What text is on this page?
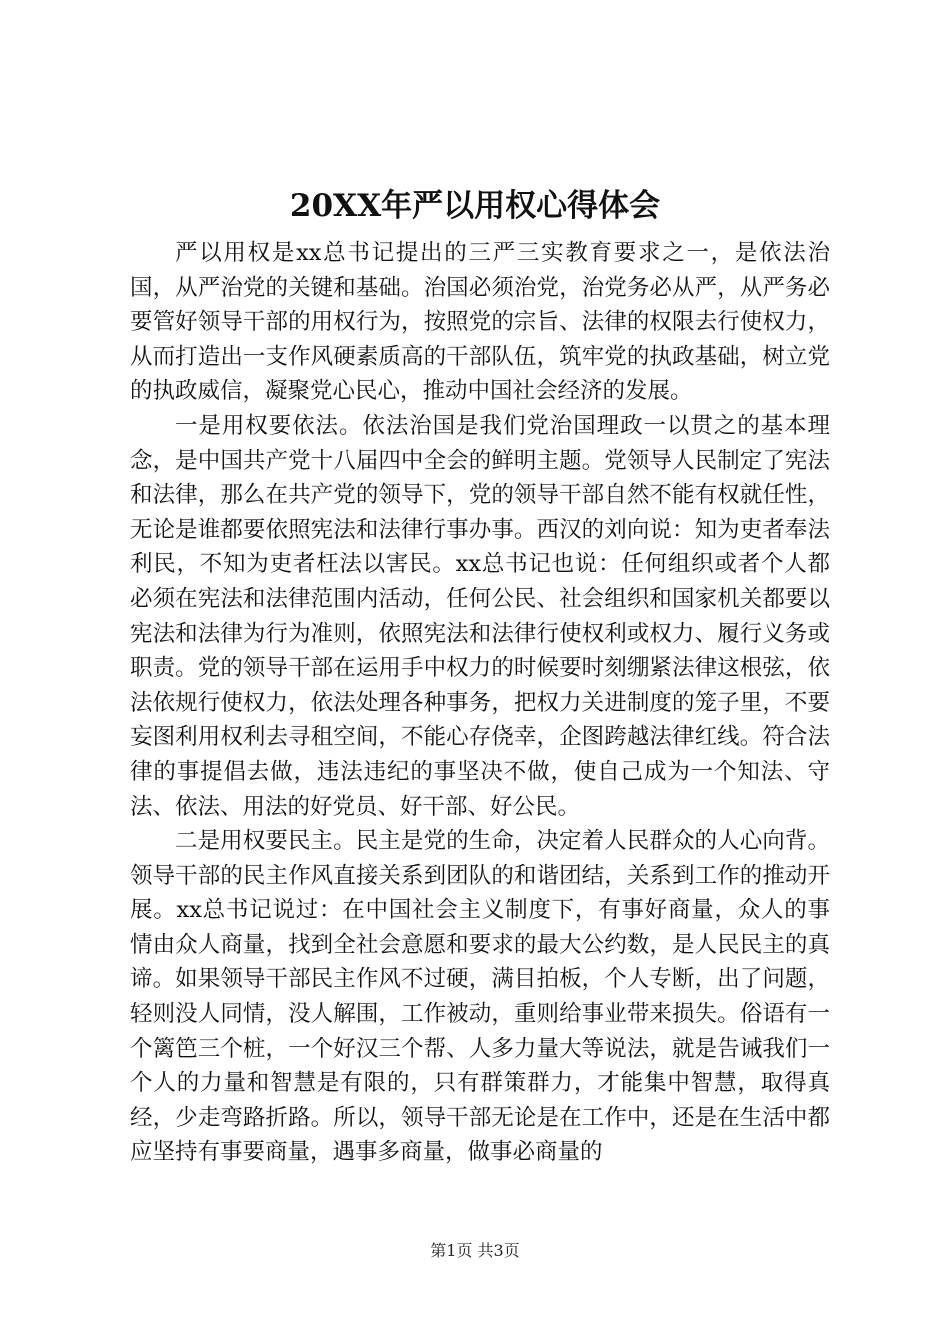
20XX年严以用权心得体会

严以用权是xx总书记提出的三严三实教育要求之一，是依法治国，从严治党的关键和基础。治国必须治党，治党务必从严，从严务必要管好领导干部的用权行为，按照党的宗旨、法律的权限去行使权力，从而打造出一支作风硬素质高的干部队伍，筑牢党的执政基础，树立党的执政威信，凝聚党心民心，推动中国社会经济的发展。

一是用权要依法。依法治国是我们党治国理政一以贯之的基本理念，是中国共产党十八届四中全会的鲜明主题。党领导人民制定了宪法和法律，那么在共产党的领导下，党的领导干部自然不能有权就任性，无论是谁都要依照宪法和法律行事办事。西汉的刘向说：知为吏者奉法利民，不知为吏者枉法以害民。xx总书记也说：任何组织或者个人都必须在宪法和法律范围内活动，任何公民、社会组织和国家机关都要以宪法和法律为行为准则，依照宪法和法律行使权利或权力、履行义务或职责。党的领导干部在运用手中权力的时候要时刻绷紧法律这根弦，依法依规行使权力，依法处理各种事务，把权力关进制度的笼子里，不要妄图利用权利去寻租空间，不能心存侥幸，企图跨越法律红线。符合法律的事提倡去做，违法违纪的事坚决不做，使自己成为一个知法、守法、依法、用法的好党员、好干部、好公民。

二是用权要民主。民主是党的生命，决定着人民群众的人心向背。领导干部的民主作风直接关系到团队的和谐团结，关系到工作的推动开展。xx总书记说过：在中国社会主义制度下，有事好商量，众人的事情由众人商量，找到全社会意愿和要求的最大公约数，是人民民主的真谛。如果领导干部民主作风不过硬，满目拍板，个人专断，出了问题，轻则没人同情，没人解围，工作被动，重则给事业带来损失。俗语有一个篱笆三个桩，一个好汉三个帮、人多力量大等说法，就是告诫我们一个人的力量和智慧是有限的，只有群策群力，才能集中智慧，取得真经，少走弯路折路。所以，领导干部无论是在工作中，还是在生活中都应坚持有事要商量，遇事多商量，做事必商量的

第1页 共3页
